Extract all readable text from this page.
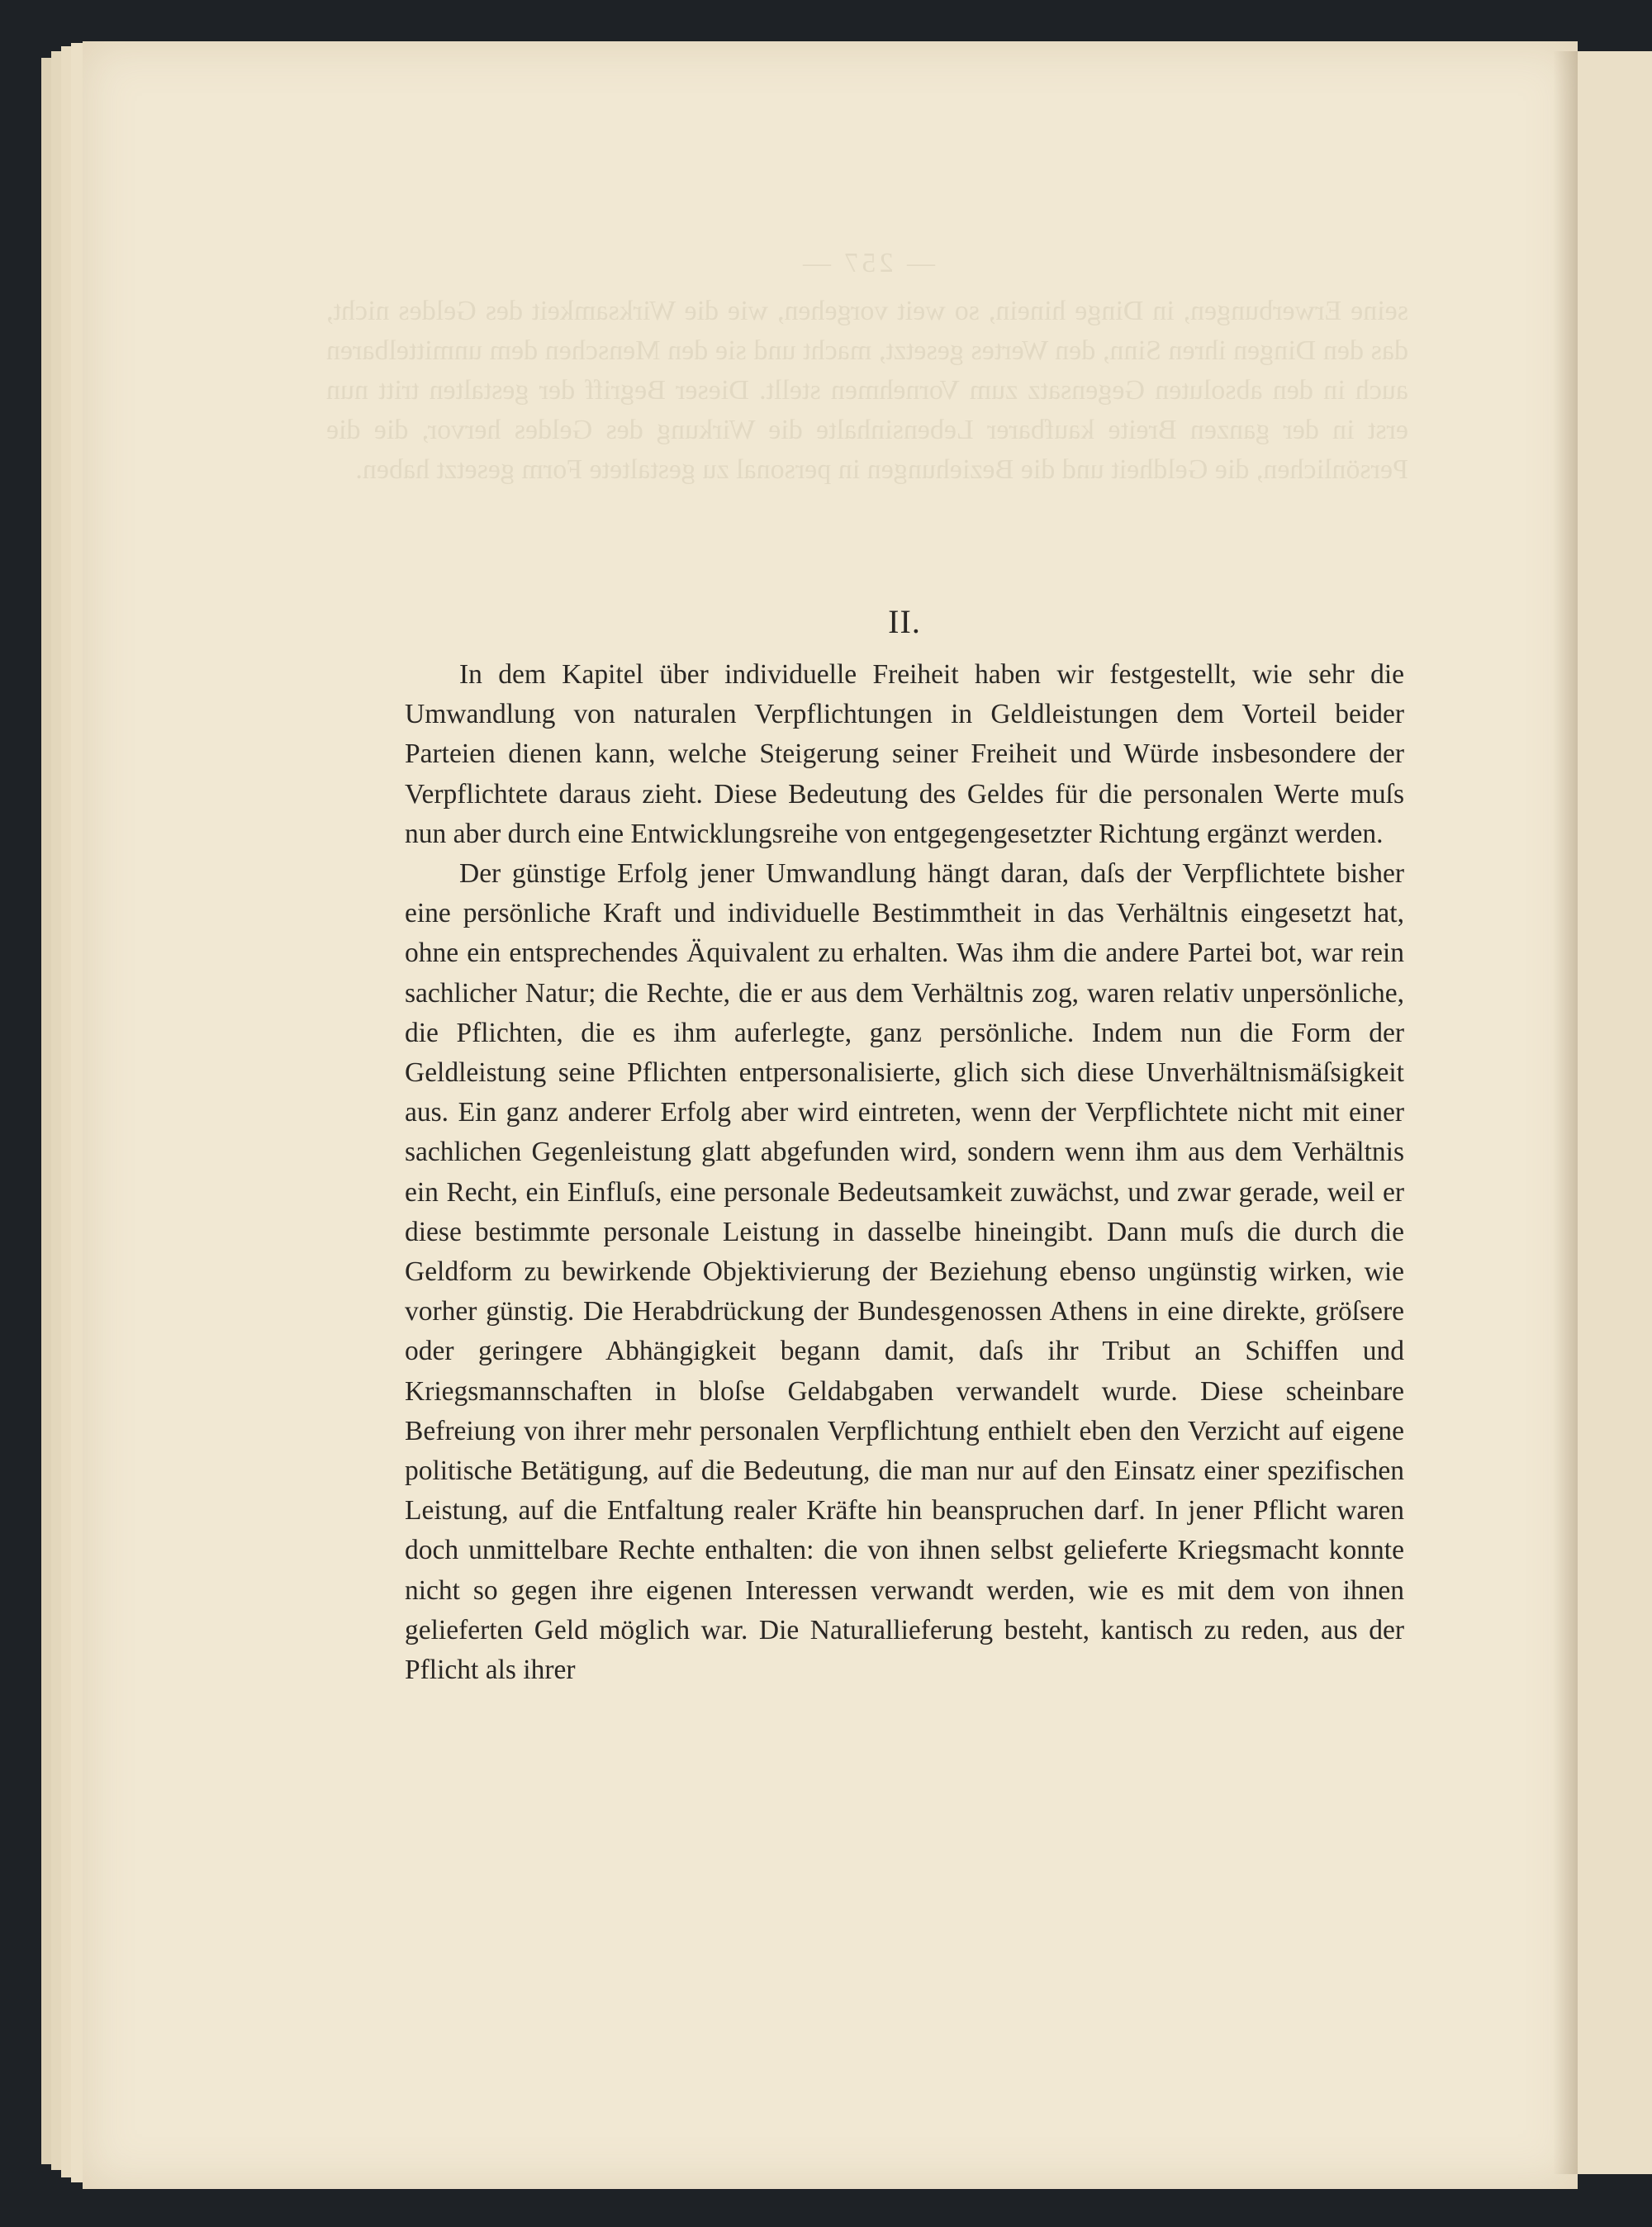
— 257 —
seine Erwerbungen, in Dinge hinein, so weit vorgehen, wie die Wirksamkeit des Geldes nicht, das den Dingen ihren Sinn, den Wertes gesetzt, macht und sie den Menschen dem unmittelbaren auch in den absoluten Gegensatz zum Vornehmen stellt. Dieser Begriff der gestalten tritt nun erst in der ganzen Breite kaufbarer Lebensinhalte die Wirkung des Geldes hervor, die die Persönlichen, die Geldheit und die Beziehungen in personal zu gestaltete Form gesetzt haben.
II.

In dem Kapitel über individuelle Freiheit haben wir festgestellt, wie sehr die Umwandlung von naturalen Verpflichtungen in Geldleistungen dem Vorteil beider Parteien dienen kann, welche Steigerung seiner Freiheit und Würde insbesondere der Verpflichtete daraus zieht. Diese Bedeutung des Geldes für die personalen Werte muſs nun aber durch eine Entwicklungsreihe von entgegengesetzter Richtung ergänzt werden.

Der günstige Erfolg jener Umwandlung hängt daran, daſs der Verpflichtete bisher eine persönliche Kraft und individuelle Bestimmtheit in das Verhältnis eingesetzt hat, ohne ein entsprechendes Äquivalent zu erhalten. Was ihm die andere Partei bot, war rein sachlicher Natur; die Rechte, die er aus dem Verhältnis zog, waren relativ unpersönliche, die Pflichten, die es ihm auferlegte, ganz persönliche. Indem nun die Form der Geldleistung seine Pflichten entpersonalisierte, glich sich diese Unverhältnismäſsigkeit aus. Ein ganz anderer Erfolg aber wird eintreten, wenn der Verpflichtete nicht mit einer sachlichen Gegenleistung glatt abgefunden wird, sondern wenn ihm aus dem Verhältnis ein Recht, ein Einfluſs, eine personale Bedeutsamkeit zuwächst, und zwar gerade, weil er diese bestimmte personale Leistung in dasselbe hineingibt. Dann muſs die durch die Geldform zu bewirkende Objektivierung der Beziehung ebenso ungünstig wirken, wie vorher günstig. Die Herabdrückung der Bundesgenossen Athens in eine direkte, gröſsere oder geringere Abhängigkeit begann damit, daſs ihr Tribut an Schiffen und Kriegsmannschaften in bloſse Geldabgaben verwandelt wurde. Diese scheinbare Befreiung von ihrer mehr personalen Verpflichtung enthielt eben den Verzicht auf eigene politische Betätigung, auf die Bedeutung, die man nur auf den Einsatz einer spezifischen Leistung, auf die Entfaltung realer Kräfte hin beanspruchen darf. In jener Pflicht waren doch unmittelbare Rechte enthalten: die von ihnen selbst gelieferte Kriegsmacht konnte nicht so gegen ihre eigenen Interessen verwandt werden, wie es mit dem von ihnen gelieferten Geld möglich war. Die Naturallieferung besteht, kantisch zu reden, aus der Pflicht als ihrer
